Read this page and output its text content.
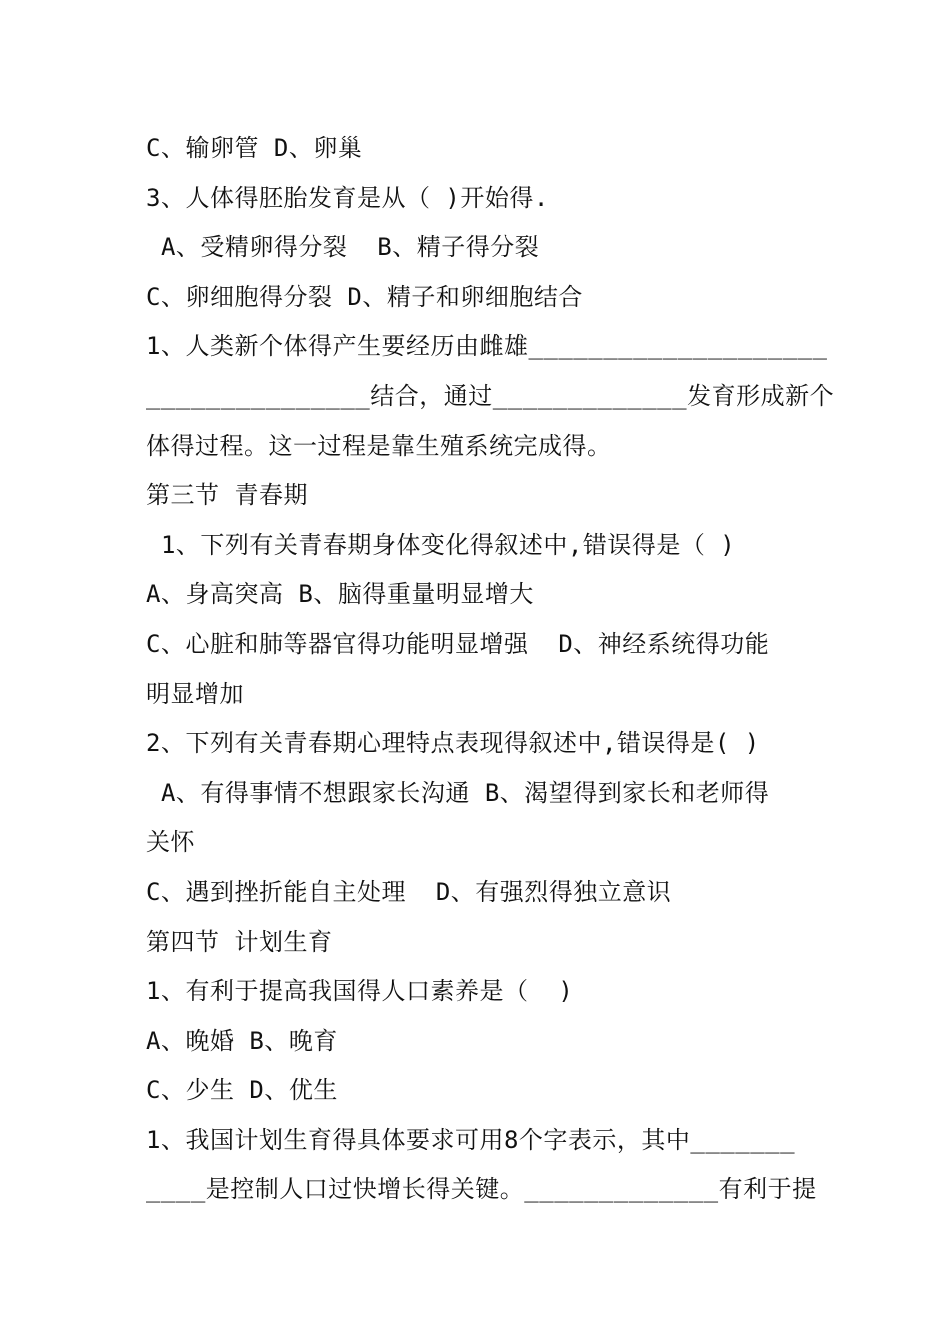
C、输卵管 D、卵巢
3、人体得胚胎发育是从（ )开始得.
A、受精卵得分裂  B、精子得分裂
C、卵细胞得分裂 D、精子和卵细胞结合
1、人类新个体得产生要经历由雌雄____________________
_______________结合，通过_____________发育形成新个
体得过程。这一过程是靠生殖系统完成得。
第三节 青春期
1、下列有关青春期身体变化得叙述中,错误得是（ )
A、身高突高 B、脑得重量明显增大
C、心脏和肺等器官得功能明显增强  D、神经系统得功能
明显增加
2、下列有关青春期心理特点表现得叙述中,错误得是( )
A、有得事情不想跟家长沟通 B、渴望得到家长和老师得
关怀
C、遇到挫折能自主处理  D、有强烈得独立意识
第四节 计划生育
1、有利于提高我国得人口素养是（  )
A、晚婚 B、晚育
C、少生 D、优生
1、我国计划生育得具体要求可用8个字表示，其中_______
____是控制人口过快增长得关键。_____________有利于提
